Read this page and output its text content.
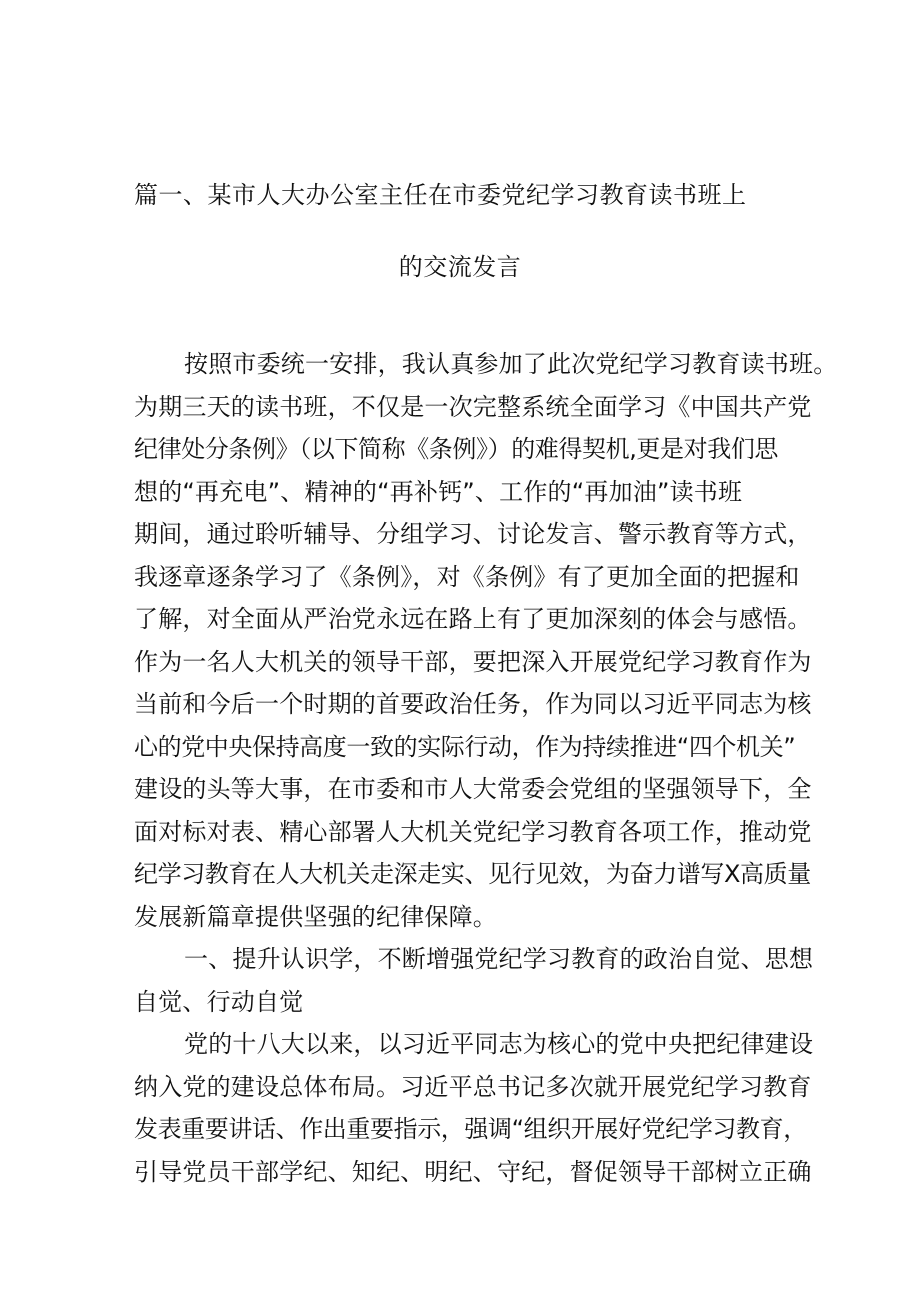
篇一、某市人大办公室主任在市委党纪学习教育读书班上
的交流发言
按照市委统一安排，我认真参加了此次党纪学习教育读书班。
为期三天的读书班，不仅是一次完整系统全面学习《中国共产党
纪律处分条例》（以下简称《条例》）的难得契机,更是对我们思
想的“再充电”、精神的“再补钙”、工作的“再加油”读书班
期间，通过聆听辅导、分组学习、讨论发言、警示教育等方式，
我逐章逐条学习了《条例》，对《条例》有了更加全面的把握和
了解，对全面从严治党永远在路上有了更加深刻的体会与感悟。
作为一名人大机关的领导干部，要把深入开展党纪学习教育作为
当前和今后一个时期的首要政治任务，作为同以习近平同志为核
心的党中央保持高度一致的实际行动，作为持续推进“四个机关”
建设的头等大事，在市委和市人大常委会党组的坚强领导下，全
面对标对表、精心部署人大机关党纪学习教育各项工作，推动党
纪学习教育在人大机关走深走实、见行见效，为奋力谱写X高质量
发展新篇章提供坚强的纪律保障。
一、提升认识学，不断增强党纪学习教育的政治自觉、思想
自觉、行动自觉
党的十八大以来，以习近平同志为核心的党中央把纪律建设
纳入党的建设总体布局。习近平总书记多次就开展党纪学习教育
发表重要讲话、作出重要指示，强调“组织开展好党纪学习教育，
引导党员干部学纪、知纪、明纪、守纪，督促领导干部树立正确
